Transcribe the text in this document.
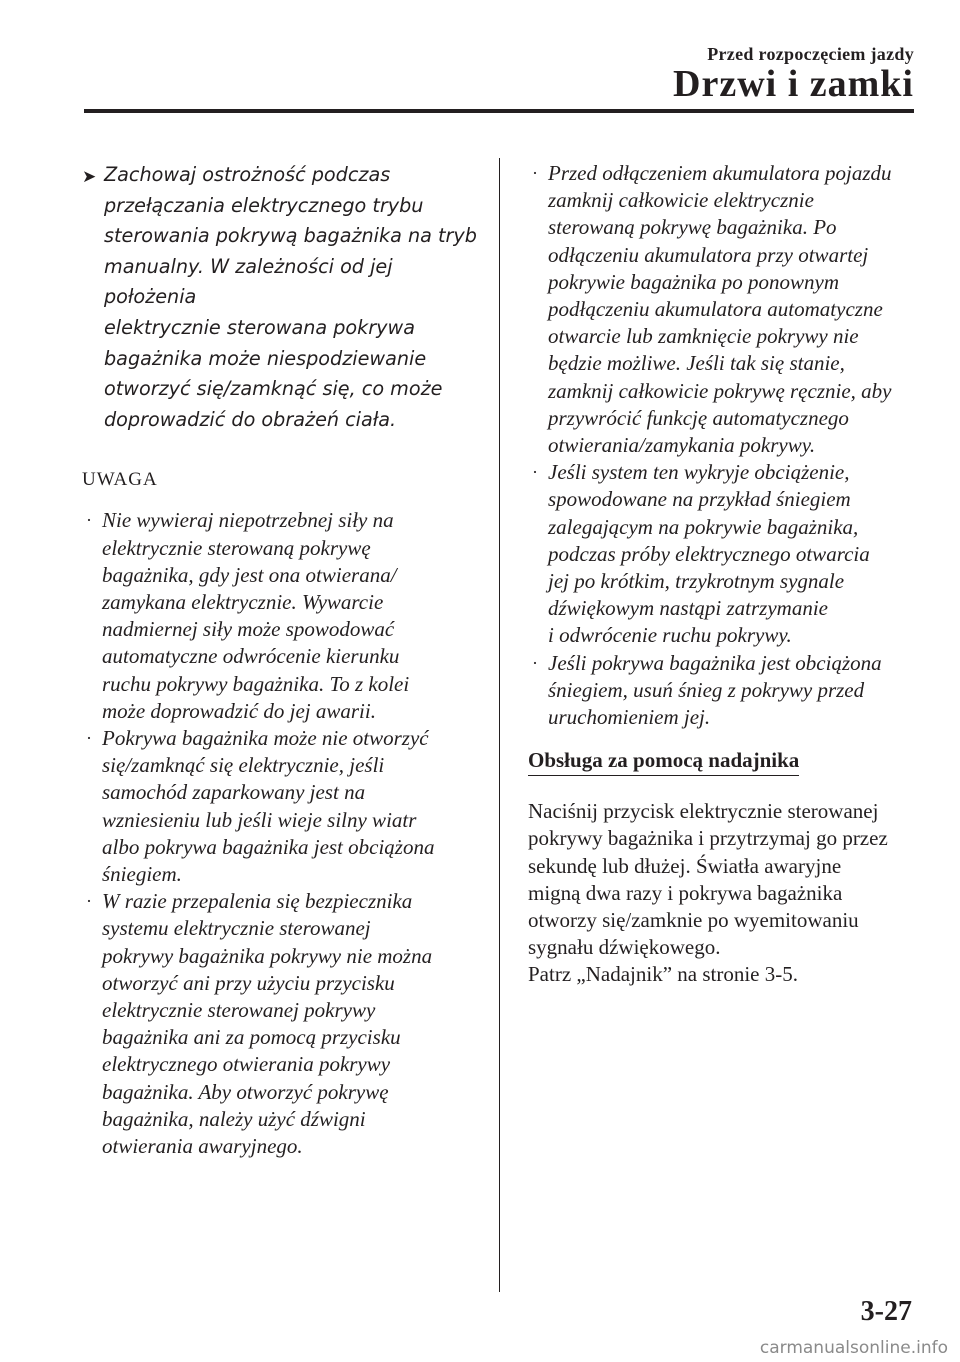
Przed rozpoczęciem jazdy
Drzwi i zamki
➤ Zachowaj ostrożność podczas
przełączania elektrycznego trybu
sterowania pokrywą bagażnika na tryb
manualny. W zależności od jej położenia
elektrycznie sterowana pokrywa
bagażnika może niespodziewanie
otworzyć się/zamknąć się, co może
doprowadzić do obrażeń ciała.
UWAGA
· Nie wywieraj niepotrzebnej siły na
elektrycznie sterowaną pokrywę
bagażnika, gdy jest ona otwierana/
zamykana elektrycznie. Wywarcie
nadmiernej siły może spowodować
automatyczne odwrócenie kierunku
ruchu pokrywy bagażnika. To z kolei
może doprowadzić do jej awarii.
· Pokrywa bagażnika może nie otworzyć
się/zamknąć się elektrycznie, jeśli
samochód zaparkowany jest na
wzniesieniu lub jeśli wieje silny wiatr
albo pokrywa bagażnika jest obciążona
śniegiem.
· W razie przepalenia się bezpiecznika
systemu elektrycznie sterowanej
pokrywy bagażnika pokrywy nie można
otworzyć ani przy użyciu przycisku
elektrycznie sterowanej pokrywy
bagażnika ani za pomocą przycisku
elektrycznego otwierania pokrywy
bagażnika. Aby otworzyć pokrywę
bagażnika, należy użyć dźwigni
otwierania awaryjnego.
· Przed odłączeniem akumulatora pojazdu
zamknij całkowicie elektrycznie
sterowaną pokrywę bagażnika. Po
odłączeniu akumulatora przy otwartej
pokrywie bagażnika po ponownym
podłączeniu akumulatora automatyczne
otwarcie lub zamknięcie pokrywy nie
będzie możliwe. Jeśli tak się stanie,
zamknij całkowicie pokrywę ręcznie, aby
przywrócić funkcję automatycznego
otwierania/zamykania pokrywy.
· Jeśli system ten wykryje obciążenie,
spowodowane na przykład śniegiem
zalegającym na pokrywie bagażnika,
podczas próby elektrycznego otwarcia
jej po krótkim, trzykrotnym sygnale
dźwiękowym nastąpi zatrzymanie
i odwrócenie ruchu pokrywy.
· Jeśli pokrywa bagażnika jest obciążona
śniegiem, usuń śnieg z pokrywy przed
uruchomieniem jej.
Obsługa za pomocą nadajnika
Naciśnij przycisk elektrycznie sterowanej
pokrywy bagażnika i przytrzymaj go przez
sekundę lub dłużej. Światła awaryjne
migną dwa razy i pokrywa bagażnika
otworzy się/zamknie po wyemitowaniu
sygnału dźwiękowego.
Patrz „Nadajnik” na stronie 3-5.
3-27
carmanualsonline.info
